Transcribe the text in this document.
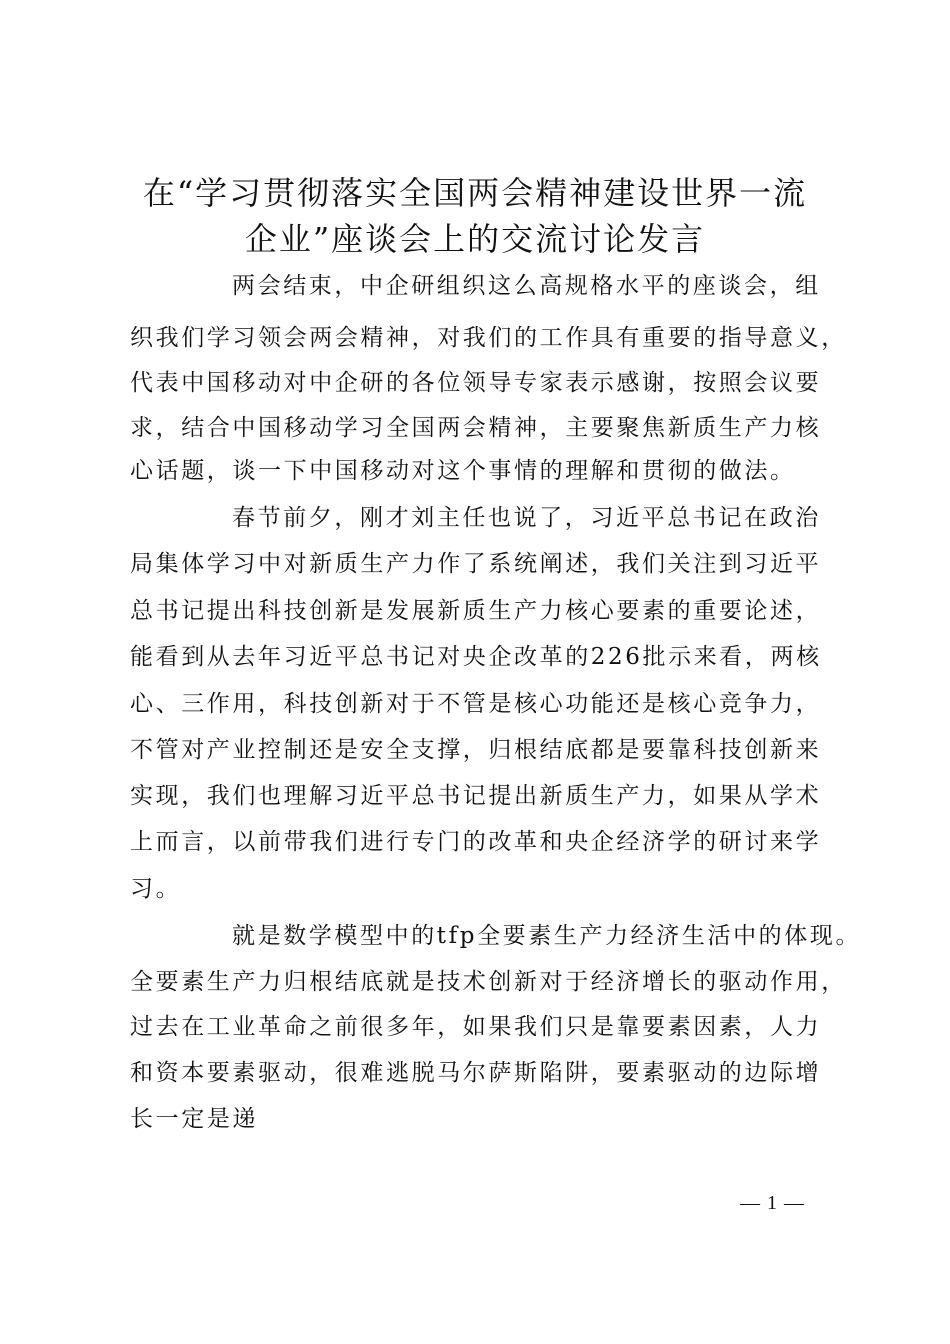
在“学习贯彻落实全国两会精神建设世界一流
企业”座谈会上的交流讨论发言

两会结束，中企研组织这么高规格水平的座谈会，组

织我们学习领会两会精神，对我们的工作具有重要的指导意义，

代表中国移动对中企研的各位领导专家表示感谢，按照会议要

求，结合中国移动学习全国两会精神，主要聚焦新质生产力核

心话题，谈一下中国移动对这个事情的理解和贯彻的做法。

春节前夕，刚才刘主任也说了，习近平总书记在政治

局集体学习中对新质生产力作了系统阐述，我们关注到习近平

总书记提出科技创新是发展新质生产力核心要素的重要论述，

能看到从去年习近平总书记对央企改革的226批示来看，两核

心、三作用，科技创新对于不管是核心功能还是核心竞争力，

不管对产业控制还是安全支撑，归根结底都是要靠科技创新来

实现，我们也理解习近平总书记提出新质生产力，如果从学术

上而言，以前带我们进行专门的改革和央企经济学的研讨来学

习。

就是数学模型中的tfp全要素生产力经济生活中的体现。

全要素生产力归根结底就是技术创新对于经济增长的驱动作用，

过去在工业革命之前很多年，如果我们只是靠要素因素，人力

和资本要素驱动，很难逃脱马尔萨斯陷阱，要素驱动的边际增

长一定是递

— 1 —
